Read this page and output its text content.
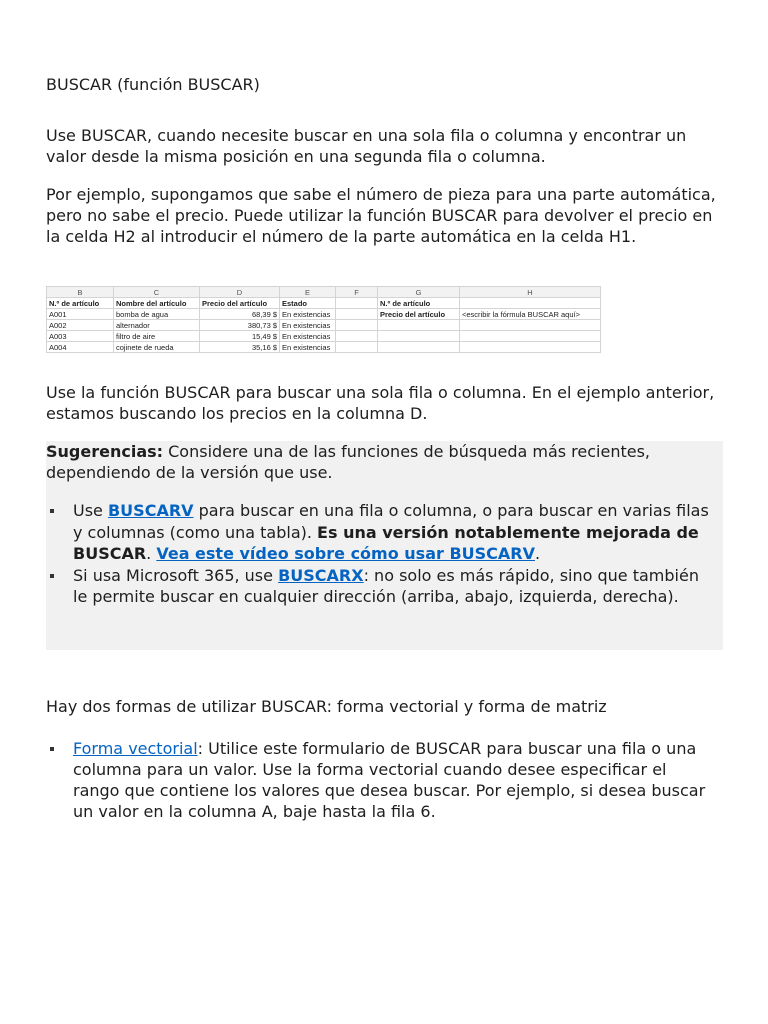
BUSCAR (función BUSCAR)

Use BUSCAR, cuando necesite buscar en una sola fila o columna y encontrar un valor desde la misma posición en una segunda fila o columna.

Por ejemplo, supongamos que sabe el número de pieza para una parte automática, pero no sabe el precio. Puede utilizar la función BUSCAR para devolver el precio en la celda H2 al introducir el número de la parte automática en la celda H1.

B	C	D	E	F	G	H
N.º de artículo	Nombre del artículo	Precio del artículo	Estado		N.º de artículo	
A001	bomba de agua	68,39 $	En existencias		Precio del artículo	<escribir la fórmula BUSCAR aquí>
A002	alternador	380,73 $	En existencias			
A003	filtro de aire	15,49 $	En existencias			
A004	cojinete de rueda	35,16 $	En existencias			

Use la función BUSCAR para buscar una sola fila o columna. En el ejemplo anterior, estamos buscando los precios en la columna D.

Sugerencias: Considere una de las funciones de búsqueda más recientes, dependiendo de la versión que use.

Use BUSCARV para buscar en una fila o columna, o para buscar en varias filas y columnas (como una tabla). Es una versión notablemente mejorada de BUSCAR. Vea este vídeo sobre cómo usar BUSCARV.
Si usa Microsoft 365, use BUSCARX: no solo es más rápido, sino que también le permite buscar en cualquier dirección (arriba, abajo, izquierda, derecha).
Hay dos formas de utilizar BUSCAR: forma vectorial y forma de matriz
Forma vectorial: Utilice este formulario de BUSCAR para buscar una fila o una columna para un valor. Use la forma vectorial cuando desee especificar el rango que contiene los valores que desea buscar. Por ejemplo, si desea buscar un valor en la columna A, baje hasta la fila 6.
